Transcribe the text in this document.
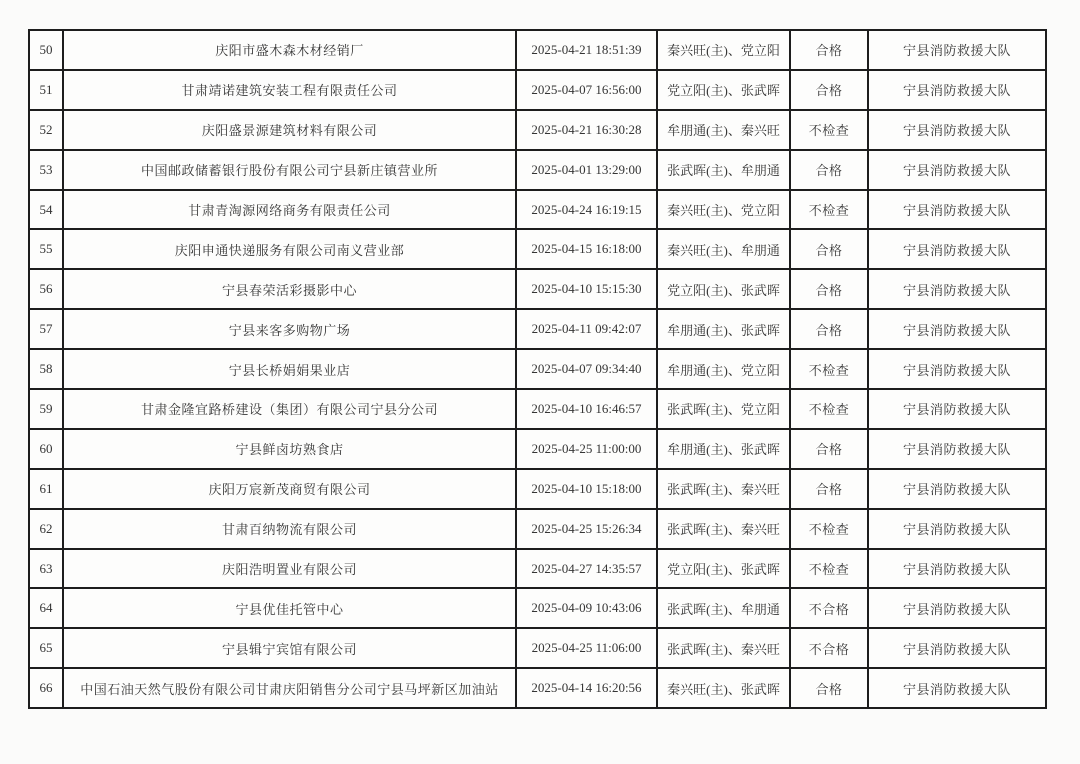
50	庆阳市盛木森木材经销厂	2025-04-21 18:51:39	秦兴旺(主)、党立阳	合格	宁县消防救援大队
51	甘肃靖诺建筑安装工程有限责任公司	2025-04-07 16:56:00	党立阳(主)、张武晖	合格	宁县消防救援大队
52	庆阳盛景源建筑材料有限公司	2025-04-21 16:30:28	牟朋通(主)、秦兴旺	不检查	宁县消防救援大队
53	中国邮政储蓄银行股份有限公司宁县新庄镇营业所	2025-04-01 13:29:00	张武晖(主)、牟朋通	合格	宁县消防救援大队
54	甘肃青淘源网络商务有限责任公司	2025-04-24 16:19:15	秦兴旺(主)、党立阳	不检查	宁县消防救援大队
55	庆阳申通快递服务有限公司南义营业部	2025-04-15 16:18:00	秦兴旺(主)、牟朋通	合格	宁县消防救援大队
56	宁县春荣活彩摄影中心	2025-04-10 15:15:30	党立阳(主)、张武晖	合格	宁县消防救援大队
57	宁县来客多购物广场	2025-04-11 09:42:07	牟朋通(主)、张武晖	合格	宁县消防救援大队
58	宁县长桥娟娟果业店	2025-04-07 09:34:40	牟朋通(主)、党立阳	不检查	宁县消防救援大队
59	甘肃金隆宜路桥建设（集团）有限公司宁县分公司	2025-04-10 16:46:57	张武晖(主)、党立阳	不检查	宁县消防救援大队
60	宁县鲜卤坊熟食店	2025-04-25 11:00:00	牟朋通(主)、张武晖	合格	宁县消防救援大队
61	庆阳万宸新茂商贸有限公司	2025-04-10 15:18:00	张武晖(主)、秦兴旺	合格	宁县消防救援大队
62	甘肃百纳物流有限公司	2025-04-25 15:26:34	张武晖(主)、秦兴旺	不检查	宁县消防救援大队
63	庆阳浩明置业有限公司	2025-04-27 14:35:57	党立阳(主)、张武晖	不检查	宁县消防救援大队
64	宁县优佳托管中心	2025-04-09 10:43:06	张武晖(主)、牟朋通	不合格	宁县消防救援大队
65	宁县辑宁宾馆有限公司	2025-04-25 11:06:00	张武晖(主)、秦兴旺	不合格	宁县消防救援大队
66	中国石油天然气股份有限公司甘肃庆阳销售分公司宁县马坪新区加油站	2025-04-14 16:20:56	秦兴旺(主)、张武晖	合格	宁县消防救援大队
